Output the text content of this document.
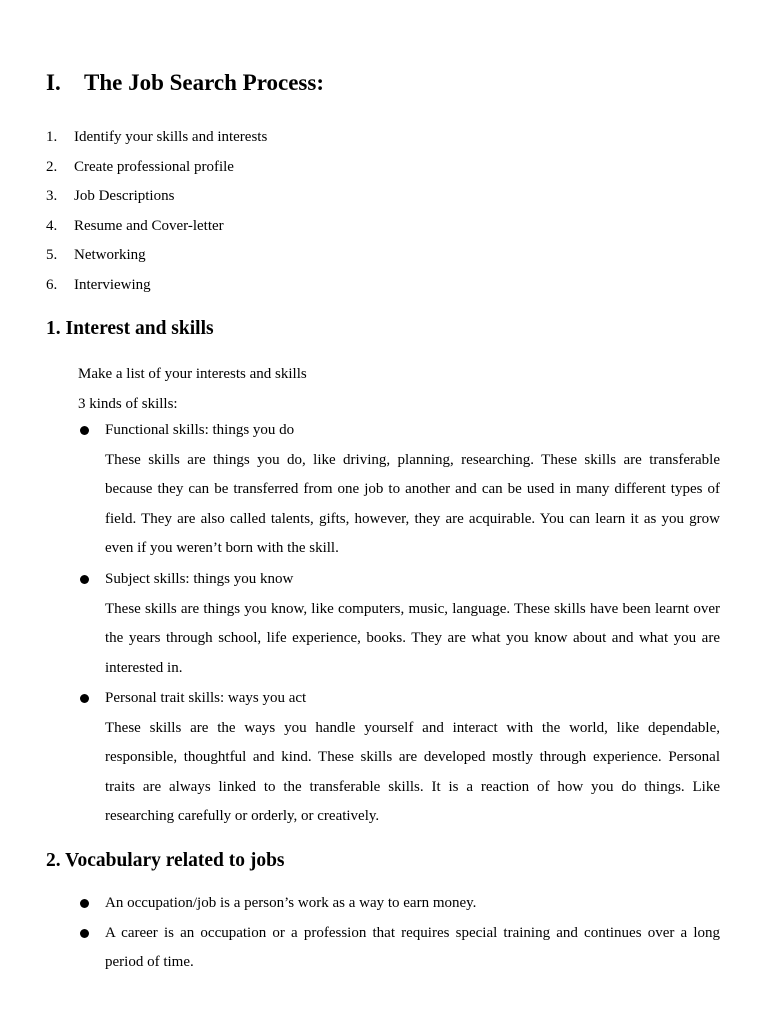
I. The Job Search Process:
1. Identify your skills and interests
2. Create professional profile
3. Job Descriptions
4. Resume and Cover-letter
5. Networking
6. Interviewing
1. Interest and skills
Make a list of your interests and skills
3 kinds of skills:
Functional skills: things you do
These skills are things you do, like driving, planning, researching. These skills are transferable because they can be transferred from one job to another and can be used in many different types of field. They are also called talents, gifts, however, they are acquirable. You can learn it as you grow even if you weren’t born with the skill.
Subject skills: things you know
These skills are things you know, like computers, music, language. These skills have been learnt over the years through school, life experience, books. They are what you know about and what you are interested in.
Personal trait skills: ways you act
These skills are the ways you handle yourself and interact with the world, like dependable, responsible, thoughtful and kind. These skills are developed mostly through experience. Personal traits are always linked to the transferable skills. It is a reaction of how you do things. Like researching carefully or orderly, or creatively.
2. Vocabulary related to jobs
An occupation/job is a person’s work as a way to earn money.
A career is an occupation or a profession that requires special training and continues over a long period of time.
